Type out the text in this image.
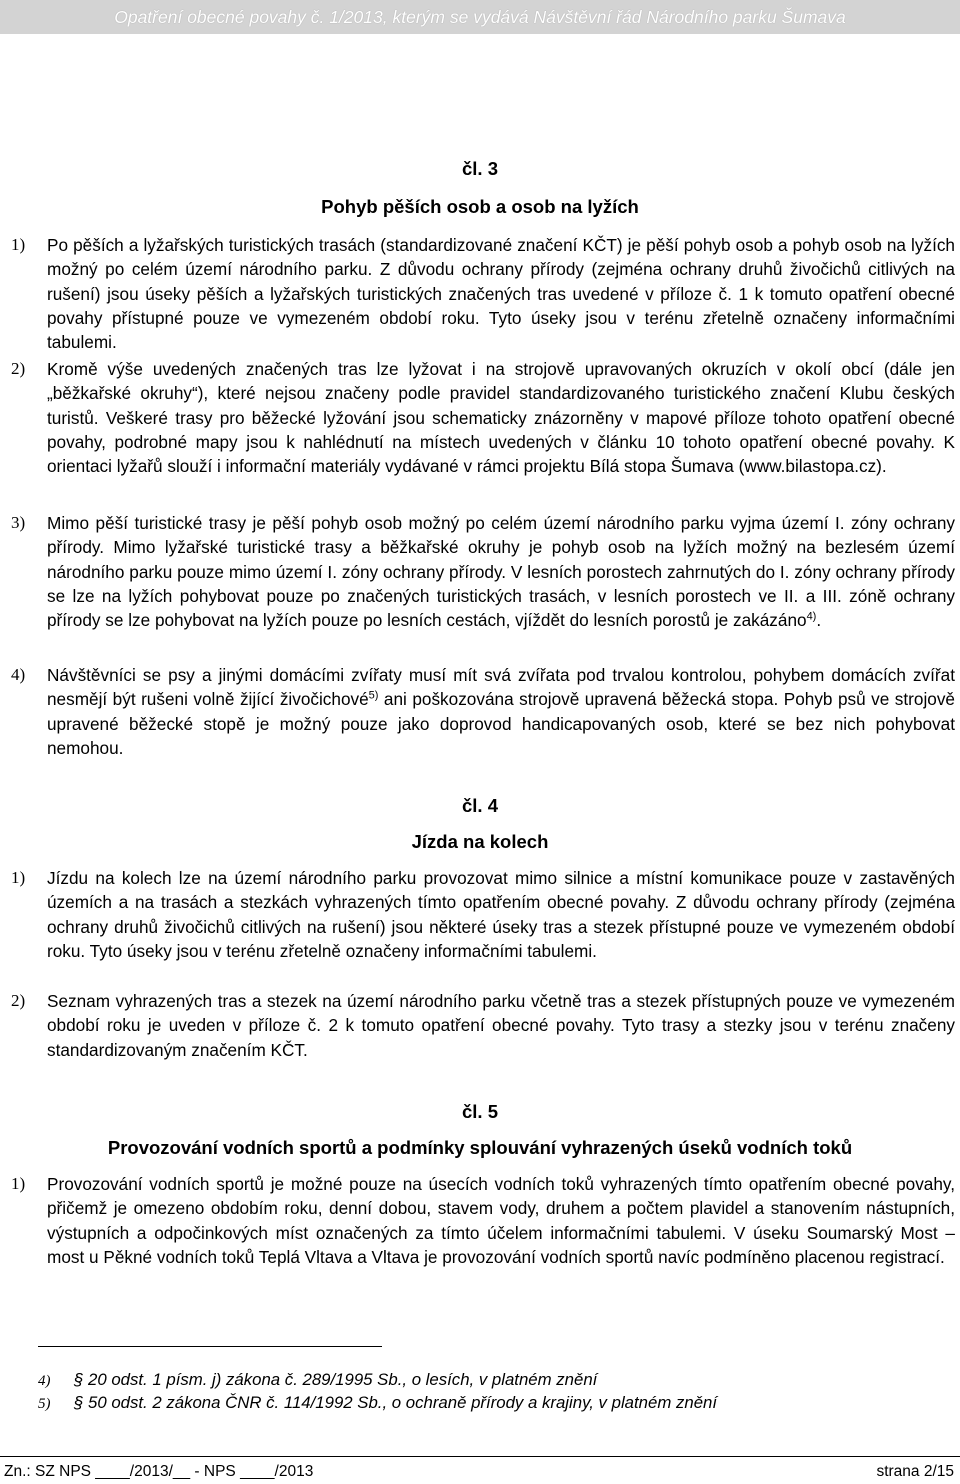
Opatření obecné povahy č. 1/2013, kterým se vydává Návštěvní řád Národního parku Šumava
čl. 3
Pohyb pěších osob a osob na lyžích
1)	Po pěších a lyžařských turistických trasách (standardizované značení KČT) je pěší pohyb osob a pohyb osob na lyžích možný po celém území národního parku. Z důvodu ochrany přírody (zejména ochrany druhů živočichů citlivých na rušení) jsou úseky pěších a lyžařských turistických značených tras uvedené v příloze č. 1 k tomuto opatření obecné povahy přístupné pouze ve vymezeném období roku. Tyto úseky jsou v terénu zřetelně označeny informačními tabulemi.
2)	Kromě výše uvedených značených tras lze lyžovat i na strojově upravovaných okruzích v okolí obcí (dále jen „běžkařské okruhy“), které nejsou značeny podle pravidel standardizovaného turistického značení Klubu českých turistů. Veškeré trasy pro běžecké lyžování jsou schematicky znázorněny v mapové příloze tohoto opatření obecné povahy, podrobné mapy jsou k nahlédnutí na místech uvedených v článku 10 tohoto opatření obecné povahy. K orientaci lyžařů slouží i informační materiály vydávané v rámci projektu Bílá stopa Šumava (www.bilastopa.cz).
3)	Mimo pěší turistické trasy je pěší pohyb osob možný po celém území národního parku vyjma území I. zóny ochrany přírody. Mimo lyžařské turistické trasy a běžkařské okruhy je pohyb osob na lyžích možný na bezlesém území národního parku pouze mimo území I. zóny ochrany přírody. V lesních porostech zahrnutých do I. zóny ochrany přírody se lze na lyžích pohybovat pouze po značených turistických trasách, v lesních porostech ve II. a III. zóně ochrany přírody se lze pohybovat na lyžích pouze po lesních cestách, vjíždět do lesních porostů je zakázáno$^{4)}$.
4)	Návštěvníci se psy a jinými domácími zvířaty musí mít svá zvířata pod trvalou kontrolou, pohybem domácích zvířat nesmějí být rušeni volně žijící živočichové$^{5)}$ ani poškozována strojově upravená běžecká stopa. Pohyb psů ve strojově upravené běžecké stopě je možný pouze jako doprovod handicapovaných osob, které se bez nich pohybovat nemohou.
čl. 4
Jízda na kolech
1)	Jízdu na kolech lze na území národního parku provozovat mimo silnice a místní komunikace pouze v zastavěných územích a na trasách a stezkách vyhrazených tímto opatřením obecné povahy. Z důvodu ochrany přírody (zejména ochrany druhů živočichů citlivých na rušení) jsou některé úseky tras a stezek přístupné pouze ve vymezeném období roku. Tyto úseky jsou v terénu zřetelně označeny informačními tabulemi.
2)	Seznam vyhrazených tras a stezek na území národního parku včetně tras a stezek přístupných pouze ve vymezeném období roku je uveden v příloze č. 2 k tomuto opatření obecné povahy. Tyto trasy a stezky jsou v terénu značeny standardizovaným značením KČT.
čl. 5
Provozování vodních sportů a podmínky splouvání vyhrazených úseků vodních toků
1)	Provozování vodních sportů je možné pouze na úsecích vodních toků vyhrazených tímto opatřením obecné povahy, přičemž je omezeno obdobím roku, denní dobou, stavem vody, druhem a počtem plavidel a stanovením nástupních, výstupních a odpočinkových míst označených za tímto účelem informačními tabulemi. V úseku Soumarský Most – most u Pěkné vodních toků Teplá Vltava a Vltava je provozování vodních sportů navíc podmíněno placenou registrací.
4) § 20 odst. 1 písm. j) zákona č. 289/1995 Sb., o lesích, v platném znění
5) § 50 odst. 2 zákona ČNR č. 114/1992 Sb., o ochraně přírody a krajiny, v platném znění
Zn.: SZ NPS ____/2013/__ - NPS ____/2013	strana 2/15
